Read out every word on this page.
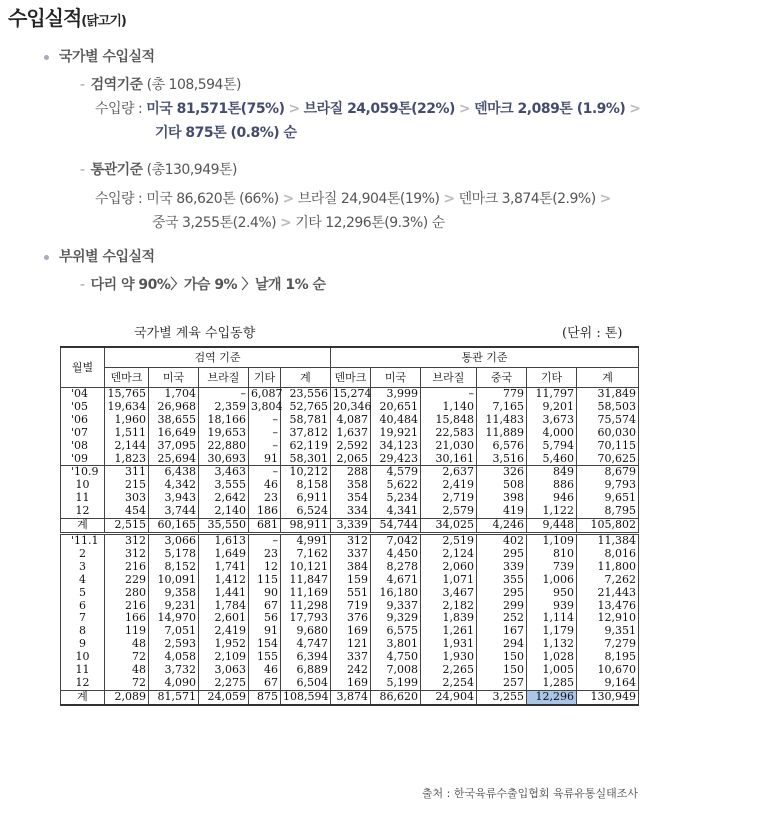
수입실적(닭고기)
국가별 수입실적
- 검역기준 (총 108,594톤)
수입량 : 미국 81,571톤(75%) > 브라질 24,059톤(22%) > 덴마크 2,089톤 (1.9%) >
기타 875톤 (0.8%) 순
- 통관기준 (총130,949톤)
수입량 : 미국 86,620톤 (66%) > 브라질 24,904톤(19%) > 덴마크 3,874톤(2.9%) >
중국 3,255톤(2.4%) > 기타 12,296톤(9.3%) 순
부위별 수입실적
- 다리 약 90%〉가슴 9% 〉날개 1% 순
국가별 계육 수입동향	(단위 : 톤)
월별	검역 기준					통관 기준					
	덴마크	미국	브라질	기타	계	덴마크	미국	브라질	중국	기타	계
'04	15,765	1,704	–	6,087	23,556	15,274	3,999	–	779	11,797	31,849
'05	19,634	26,968	2,359	3,804	52,765	20,346	20,651	1,140	7,165	9,201	58,503
'06	1,960	38,655	18,166	–	58,781	4,087	40,484	15,848	11,483	3,673	75,574
'07	1,511	16,649	19,653	–	37,812	1,637	19,921	22,583	11,889	4,000	60,030
'08	2,144	37,095	22,880	–	62,119	2,592	34,123	21,030	6,576	5,794	70,115
'09	1,823	25,694	30,693	91	58,301	2,065	29,423	30,161	3,516	5,460	70,625
'10.9	311	6,438	3,463	–	10,212	288	4,579	2,637	326	849	8,679
10	215	4,342	3,555	46	8,158	358	5,622	2,419	508	886	9,793
11	303	3,943	2,642	23	6,911	354	5,234	2,719	398	946	9,651
12	454	3,744	2,140	186	6,524	334	4,341	2,579	419	1,122	8,795
계	2,515	60,165	35,550	681	98,911	3,339	54,744	34,025	4,246	9,448	105,802
'11.1	312	3,066	1,613	–	4,991	312	7,042	2,519	402	1,109	11,384
2	312	5,178	1,649	23	7,162	337	4,450	2,124	295	810	8,016
3	216	8,152	1,741	12	10,121	384	8,278	2,060	339	739	11,800
4	229	10,091	1,412	115	11,847	159	4,671	1,071	355	1,006	7,262
5	280	9,358	1,441	90	11,169	551	16,180	3,467	295	950	21,443
6	216	9,231	1,784	67	11,298	719	9,337	2,182	299	939	13,476
7	166	14,970	2,601	56	17,793	376	9,329	1,839	252	1,114	12,910
8	119	7,051	2,419	91	9,680	169	6,575	1,261	167	1,179	9,351
9	48	2,593	1,952	154	4,747	121	3,801	1,931	294	1,132	7,279
10	72	4,058	2,109	155	6,394	337	4,750	1,930	150	1,028	8,195
11	48	3,732	3,063	46	6,889	242	7,008	2,265	150	1,005	10,670
12	72	4,090	2,275	67	6,504	169	5,199	2,254	257	1,285	9,164
계	2,089	81,571	24,059	875	108,594	3,874	86,620	24,904	3,255	12,296	130,949
출처 : 한국육류수출입협회 육류유통실태조사
